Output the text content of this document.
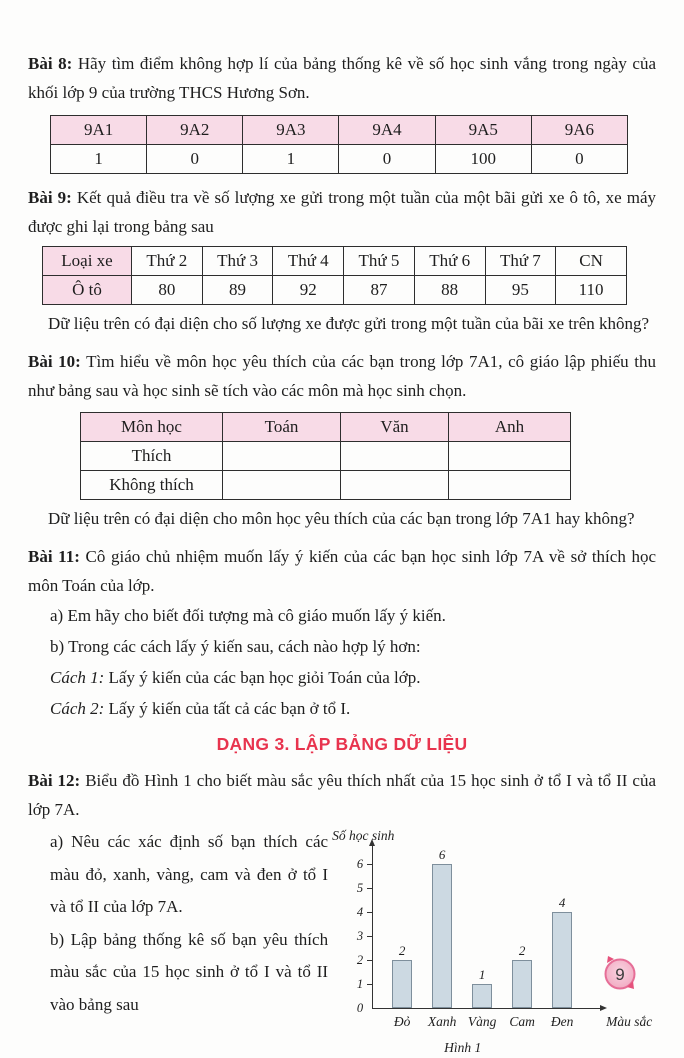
Bài 8: Hãy tìm điểm không hợp lí của bảng thống kê về số học sinh vắng trong ngày của khối lớp 9 của trường THCS Hương Sơn.

9A1	9A2	9A3	9A4	9A5	9A6
1	0	1	0	100	0

Bài 9: Kết quả điều tra về số lượng xe gửi trong một tuần của một bãi gửi xe ô tô, xe máy được ghi lại trong bảng sau

Loại xe	Thứ 2	Thứ 3	Thứ 4	Thứ 5	Thứ 6	Thứ 7	CN
Ô tô	80	89	92	87	88	95	110

Dữ liệu trên có đại diện cho số lượng xe được gửi trong một tuần của bãi xe trên không?

Bài 10: Tìm hiểu về môn học yêu thích của các bạn trong lớp 7A1, cô giáo lập phiếu thu như bảng sau và học sinh sẽ tích vào các môn mà học sinh chọn.

Môn học	Toán	Văn	Anh
Thích			
Không thích			

Dữ liệu trên có đại diện cho môn học yêu thích của các bạn trong lớp 7A1 hay không?

Bài 11: Cô giáo chủ nhiệm muốn lấy ý kiến của các bạn học sinh lớp 7A về sở thích học môn Toán của lớp.

a) Em hãy cho biết đối tượng mà cô giáo muốn lấy ý kiến.

b) Trong các cách lấy ý kiến sau, cách nào hợp lý hơn:

Cách 1: Lấy ý kiến của các bạn học giỏi Toán của lớp.

Cách 2: Lấy ý kiến của tất cả các bạn ở tổ I.

DẠNG 3. LẬP BẢNG DỮ LIỆU

Bài 12: Biểu đồ Hình 1 cho biết màu sắc yêu thích nhất của 15 học sinh ở tổ I và tổ II của lớp 7A.

a) Nêu các xác định số bạn thích các màu đỏ, xanh, vàng, cam và đen ở tổ I và tổ II của lớp 7A.

b) Lập bảng thống kê số bạn yêu thích màu sắc của 15 học sinh ở tổ I và tổ II vào bảng sau

Số học sinh
0
1
2
3
4
5
6
2
Đỏ
6
Xanh
1
Vàng
2
Cam
4
Đen	Màu sắc
Hình 1
9
